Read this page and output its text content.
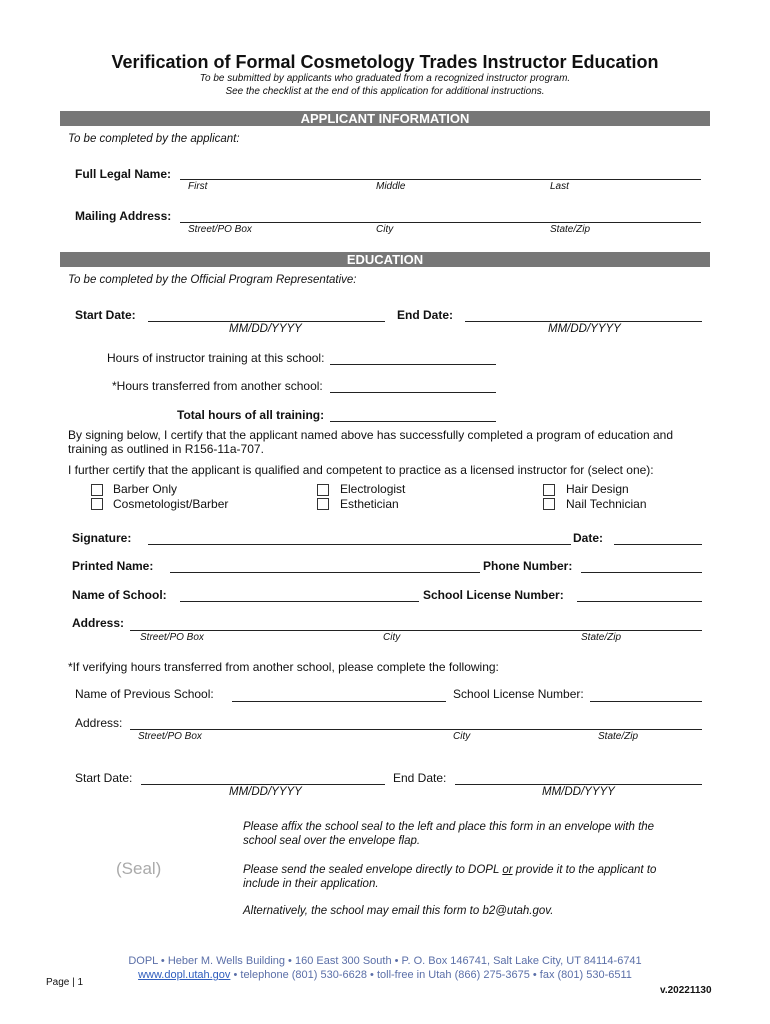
Verification of Formal Cosmetology Trades Instructor Education
To be submitted by applicants who graduated from a recognized instructor program.
See the checklist at the end of this application for additional instructions.
APPLICANT INFORMATION
To be completed by the applicant:
Full Legal Name:
First	Middle	Last
Mailing Address:
Street/PO Box	City	State/Zip
EDUCATION
To be completed by the Official Program Representative:
Start Date:
MM/DD/YYYY
End Date:
MM/DD/YYYY
Hours of instructor training at this school:
*Hours transferred from another school:
Total hours of all training:
By signing below, I certify that the applicant named above has successfully completed a program of education and training as outlined in R156-11a-707.
I further certify that the applicant is qualified and competent to practice as a licensed instructor for (select one):
Barber Only
Cosmetologist/Barber
Electrologist
Esthetician
Hair Design
Nail Technician
Signature:	Date:
Printed Name:	Phone Number:
Name of School:	School License Number:
Address:
Street/PO Box	City	State/Zip
*If verifying hours transferred from another school, please complete the following:
Name of Previous School:	School License Number:
Address:
Street/PO Box	City	State/Zip
Start Date:
MM/DD/YYYY
End Date:
MM/DD/YYYY
(Seal)
Please affix the school seal to the left and place this form in an envelope with the school seal over the envelope flap.
Please send the sealed envelope directly to DOPL or provide it to the applicant to include in their application.
Alternatively, the school may email this form to b2@utah.gov.
DOPL • Heber M. Wells Building • 160 East 300 South • P. O. Box 146741, Salt Lake City, UT 84114-6741
www.dopl.utah.gov • telephone (801) 530-6628 • toll-free in Utah (866) 275-3675 • fax (801) 530-6511
Page | 1
v.20221130
